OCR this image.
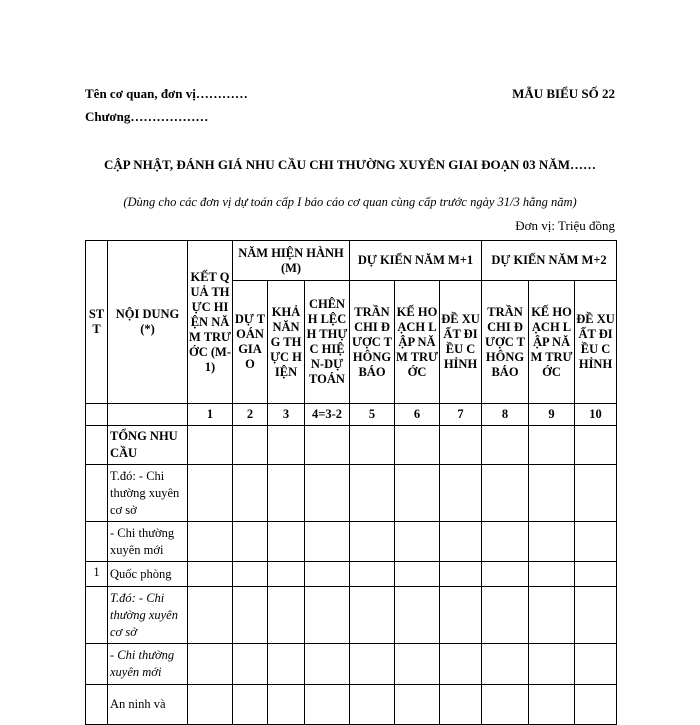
Tên cơ quan, đơn vị…………
Chương………………
MẪU BIỂU SỐ 22
CẬP NHẬT, ĐÁNH GIÁ NHU CẦU CHI THƯỜNG XUYÊN GIAI ĐOẠN 03 NĂM……
(Dùng cho các đơn vị dự toán cấp I báo cáo cơ quan cùng cấp trước ngày 31/3 hằng năm)
Đơn vị: Triệu đồng
STT	NỘI DUNG (*)	KẾT QUẢ THỰC HIỆN NĂM TRƯỚC (M-1)	NĂM HIỆN HÀNH (M)			DỰ KIẾN NĂM M+1			DỰ KIẾN NĂM M+2		
			DỰ TOÁN GIAO	KHẢ NĂNG THỰC HIỆN	CHÊNH LỆCH THỰC HIỆN-DỰ TOÁN	TRẦN CHI ĐƯỢC THÔNG BÁO	KẾ HOẠCH LẬP NĂM TRƯỚC	ĐỀ XUẤT ĐIỀU CHỈNH	TRẦN CHI ĐƯỢC THÔNG BÁO	KẾ HOẠCH LẬP NĂM TRƯỚC	ĐỀ XUẤT ĐIỀU CHỈNH
		1	2	3	4=3-2	5	6	7	8	9	10
	TỔNG NHU CẦU										
	T.đó: - Chi thường xuyên cơ sở										
	- Chi thường xuyên mới										
1	Quốc phòng										
	T.đó: - Chi thường xuyên cơ sở										
	- Chi thường xuyên mới										
	An ninh và										
